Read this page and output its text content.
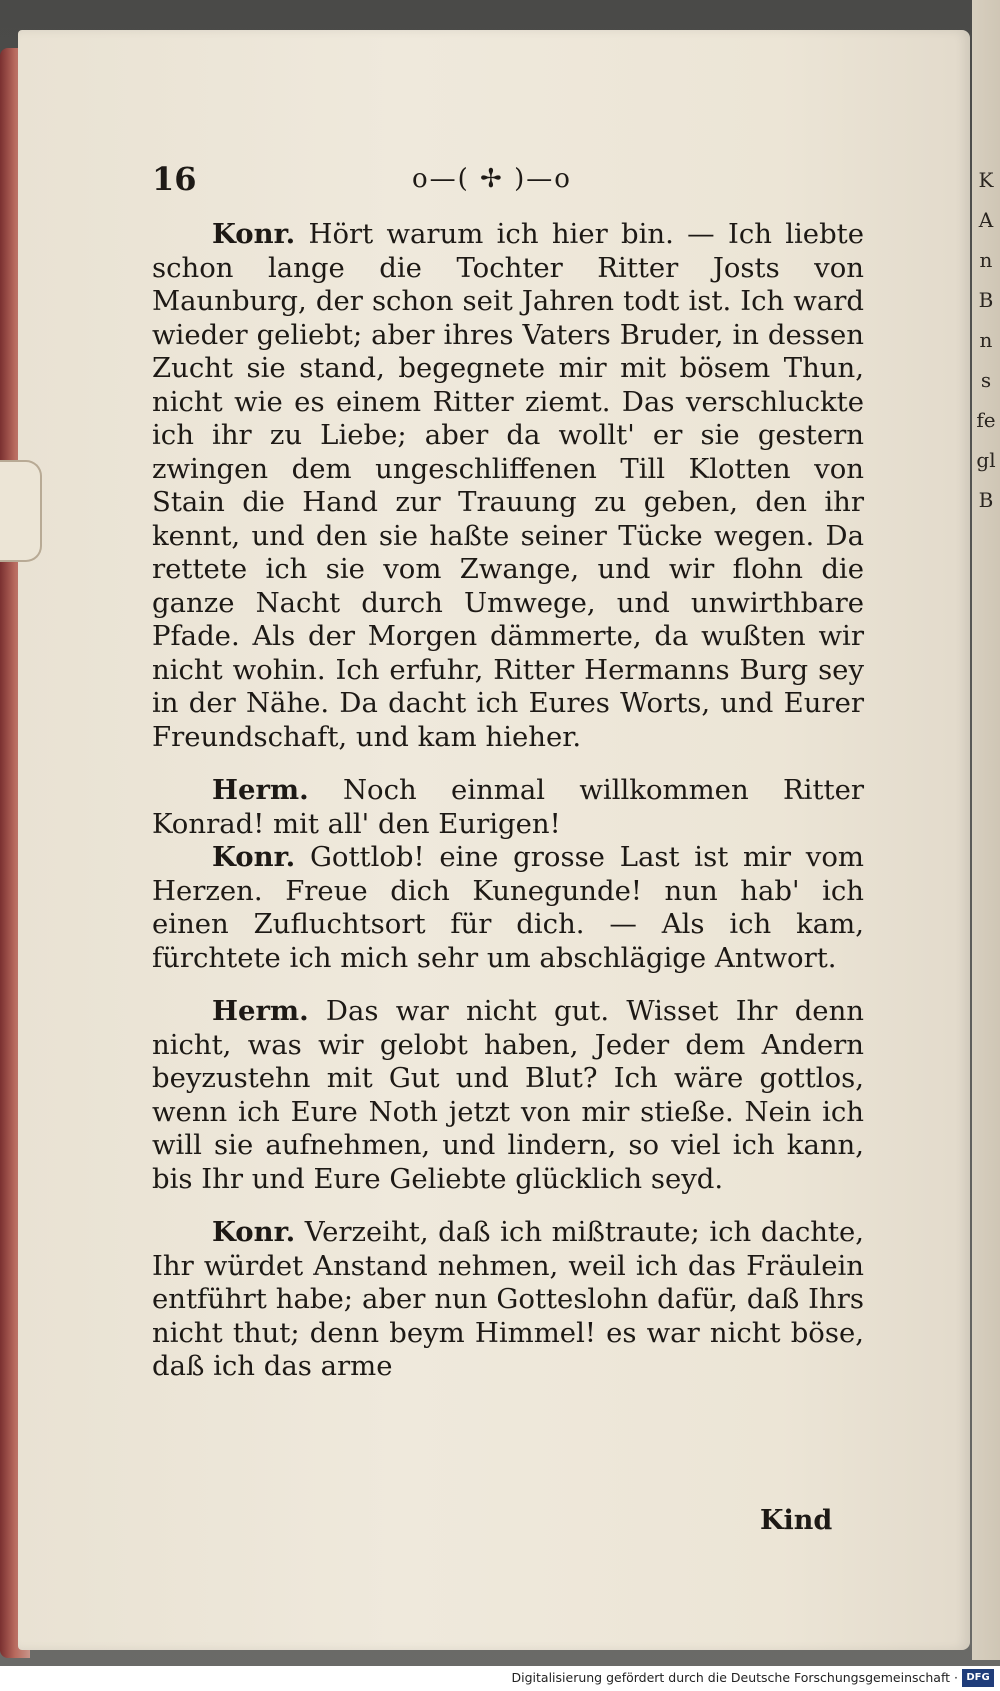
K
A
n
B
n
s
fe
gl
B
16	o—( ✢ )—o

Konr. Hört warum ich hier bin. — Ich liebte schon lange die Tochter Ritter Josts von Maunburg, der schon seit Jahren todt ist. Ich ward wieder geliebt; aber ihres Vaters Bruder, in dessen Zucht sie stand, begegnete mir mit bösem Thun, nicht wie es einem Ritter ziemt. Das verschluckte ich ihr zu Liebe; aber da wollt' er sie gestern zwingen dem ungeschliffenen Till Klotten von Stain die Hand zur Trauung zu geben, den ihr kennt, und den sie haßte seiner Tücke wegen. Da rettete ich sie vom Zwange, und wir flohn die ganze Nacht durch Umwege, und unwirthbare Pfade. Als der Morgen dämmerte, da wußten wir nicht wohin. Ich erfuhr, Ritter Hermanns Burg sey in der Nähe. Da dacht ich Eures Worts, und Eurer Freundschaft, und kam hieher.

Herm. Noch einmal willkommen Ritter Konrad! mit all' den Eurigen!

Konr. Gottlob! eine grosse Last ist mir vom Herzen. Freue dich Kunegunde! nun hab' ich einen Zufluchtsort für dich. — Als ich kam, fürchtete ich mich sehr um abschlägige Antwort.

Herm. Das war nicht gut. Wisset Ihr denn nicht, was wir gelobt haben, Jeder dem Andern beyzustehn mit Gut und Blut? Ich wäre gottlos, wenn ich Eure Noth jetzt von mir stieße. Nein ich will sie aufnehmen, und lindern, so viel ich kann, bis Ihr und Eure Geliebte glücklich seyd.

Konr. Verzeiht, daß ich mißtraute; ich dachte, Ihr würdet Anstand nehmen, weil ich das Fräulein entführt habe; aber nun Gotteslohn dafür, daß Ihrs nicht thut; denn beym Himmel! es war nicht böse, daß ich das arme

Kind
Digitalisierung gefördert durch die Deutsche Forschungsgemeinschaft · DFG
